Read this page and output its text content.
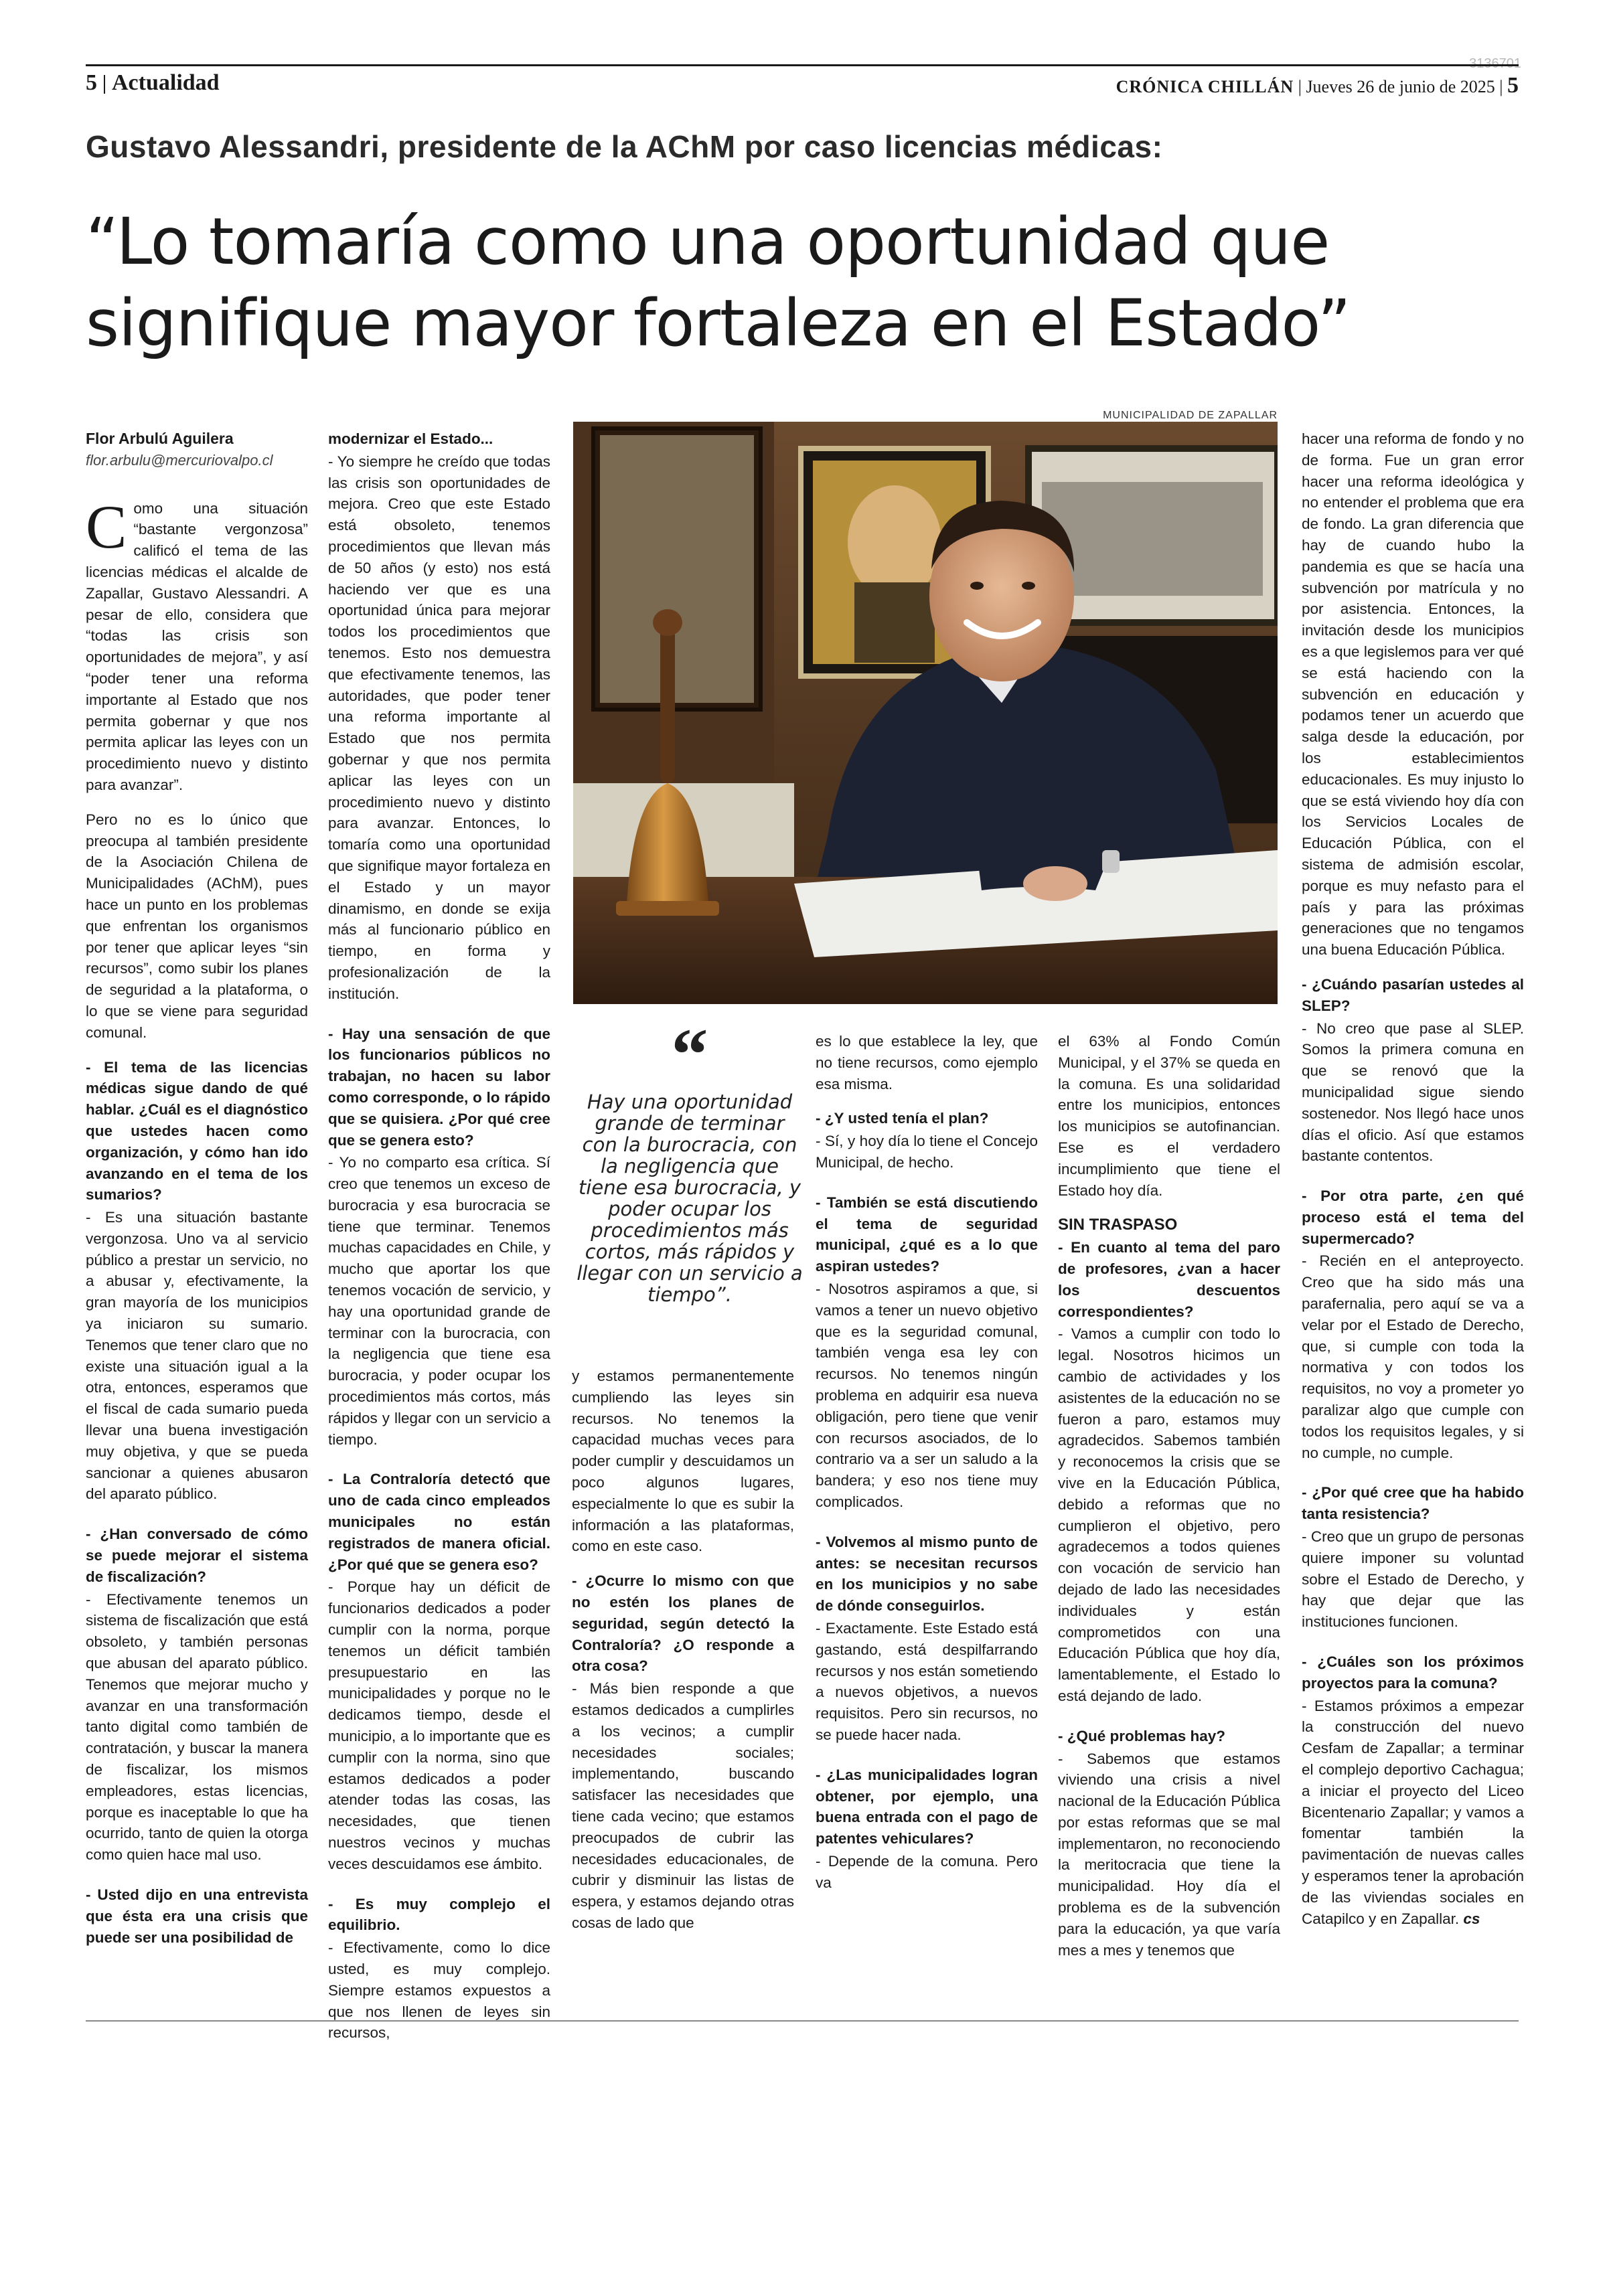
3136701
5 Actualidad	CRÓNICA CHILLÁN | Jueves 26 de junio de 2025 | 5
Gustavo Alessandri, presidente de la AChM por caso licencias médicas:
“Lo tomaría como una oportunidad que
signifique mayor fortaleza en el Estado”
Flor Arbulú Aguilera
flor.arbulu@mercuriovalpo.cl

Como una situación “bastante vergonzosa” calificó el tema de las licencias médicas el alcalde de Zapallar, Gustavo Alessandri. A pesar de ello, considera que “todas las crisis son oportunidades de mejora”, y así “poder tener una reforma importante al Estado que nos permita gobernar y que nos permita aplicar las leyes con un procedimiento nuevo y distinto para avanzar”.

Pero no es lo único que preocupa al también presidente de la Asociación Chilena de Municipalidades (AChM), pues hace un punto en los problemas que enfrentan los organismos por tener que aplicar leyes “sin recursos”, como subir los planes de seguridad a la plataforma, o lo que se viene para seguridad comunal.

- El tema de las licencias médicas sigue dando de qué hablar. ¿Cuál es el diagnóstico que ustedes hacen como organización, y cómo han ido avanzando en el tema de los sumarios?

- Es una situación bastante vergonzosa. Uno va al servicio público a prestar un servicio, no a abusar y, efectivamente, la gran mayoría de los municipios ya iniciaron su sumario. Tenemos que tener claro que no existe una situación igual a la otra, entonces, esperamos que el fiscal de cada sumario pueda llevar una buena investigación muy objetiva, y que se pueda sancionar a quienes abusaron del aparato público.

- ¿Han conversado de cómo se puede mejorar el sistema de fiscalización?

- Efectivamente tenemos un sistema de fiscalización que está obsoleto, y también personas que abusan del aparato público. Tenemos que mejorar mucho y avanzar en una transformación tanto digital como también de contratación, y buscar la manera de fiscalizar, los mismos empleadores, estas licencias, porque es inaceptable lo que ha ocurrido, tanto de quien la otorga como quien hace mal uso.

- Usted dijo en una entrevista que ésta era una crisis que puede ser una posibilidad de

modernizar el Estado...

- Yo siempre he creído que todas las crisis son oportunidades de mejora. Creo que este Estado está obsoleto, tenemos procedimientos que llevan más de 50 años (y esto) nos está haciendo ver que es una oportunidad única para mejorar todos los procedimientos que tenemos. Esto nos demuestra que efectivamente tenemos, las autoridades, que poder tener una reforma importante al Estado que nos permita gobernar y que nos permita aplicar las leyes con un procedimiento nuevo y distinto para avanzar. Entonces, lo tomaría como una oportunidad que signifique mayor fortaleza en el Estado y un mayor dinamismo, en donde se exija más al funcionario público en tiempo, en forma y profesionalización de la institución.

- Hay una sensación de que los funcionarios públicos no trabajan, no hacen su labor como corresponde, o lo rápido que se quisiera. ¿Por qué cree que se genera esto?

- Yo no comparto esa crítica. Sí creo que tenemos un exceso de burocracia y esa burocracia se tiene que terminar. Tenemos muchas capacidades en Chile, y mucho que aportar los que tenemos vocación de servicio, y hay una oportunidad grande de terminar con la burocracia, con la negligencia que tiene esa burocracia, y poder ocupar los procedimientos más cortos, más rápidos y llegar con un servicio a tiempo.

- La Contraloría detectó que uno de cada cinco empleados municipales no están registrados de manera oficial. ¿Por qué que se genera eso?

- Porque hay un déficit de funcionarios dedicados a poder cumplir con la norma, porque tenemos un déficit también presupuestario en las municipalidades y porque no le dedicamos tiempo, desde el municipio, a lo importante que es cumplir con la norma, sino que estamos dedicados a poder atender todas las cosas, las necesidades, que tienen nuestros vecinos y muchas veces descuidamos ese ámbito.

- Es muy complejo el equilibrio.

- Efectivamente, como lo dice usted, es muy complejo. Siempre estamos expuestos a que nos llenen de leyes sin recursos,

MUNICIPALIDAD DE ZAPALLAR
“
Hay una oportunidad grande de terminar con la burocracia, con la negligencia que tiene esa burocracia, y poder ocupar los procedimientos más cortos, más rápidos y llegar con un servicio a tiempo”.

y estamos permanentemente cumpliendo las leyes sin recursos. No tenemos la capacidad muchas veces para poder cumplir y descuidamos un poco algunos lugares, especialmente lo que es subir la información a las plataformas, como en este caso.

- ¿Ocurre lo mismo con que no estén los planes de seguridad, según detectó la Contraloría? ¿O responde a otra cosa?

- Más bien responde a que estamos dedicados a cumplirles a los vecinos; a cumplir necesidades sociales; implementando, buscando satisfacer las necesidades que tiene cada vecino; que estamos preocupados de cubrir las necesidades educacionales, de cubrir y disminuir las listas de espera, y estamos dejando otras cosas de lado que

es lo que establece la ley, que no tiene recursos, como ejemplo esa misma.

- ¿Y usted tenía el plan?

- Sí, y hoy día lo tiene el Concejo Municipal, de hecho.

- También se está discutiendo el tema de seguridad municipal, ¿qué es a lo que aspiran ustedes?

- Nosotros aspiramos a que, si vamos a tener un nuevo objetivo que es la seguridad comunal, también venga esa ley con recursos. No tenemos ningún problema en adquirir esa nueva obligación, pero tiene que venir con recursos asociados, de lo contrario va a ser un saludo a la bandera; y eso nos tiene muy complicados.

- Volvemos al mismo punto de antes: se necesitan recursos en los municipios y no sabe de dónde conseguirlos.

- Exactamente. Este Estado está gastando, está despilfarrando recursos y nos están sometiendo a nuevos objetivos, a nuevos requisitos. Pero sin recursos, no se puede hacer nada.

- ¿Las municipalidades logran obtener, por ejemplo, una buena entrada con el pago de patentes vehiculares?

- Depende de la comuna. Pero va

el 63% al Fondo Común Municipal, y el 37% se queda en la comuna. Es una solidaridad entre los municipios, entonces los municipios se autofinancian. Ese es el verdadero incumplimiento que tiene el Estado hoy día.

SIN TRASPASO

- En cuanto al tema del paro de profesores, ¿van a hacer los descuentos correspondientes?

- Vamos a cumplir con todo lo legal. Nosotros hicimos un cambio de actividades y los asistentes de la educación no se fueron a paro, estamos muy agradecidos. Sabemos también y reconocemos la crisis que se vive en la Educación Pública, debido a reformas que no cumplieron el objetivo, pero agradecemos a todos quienes con vocación de servicio han dejado de lado las necesidades individuales y están comprometidos con una Educación Pública que hoy día, lamentablemente, el Estado lo está dejando de lado.

- ¿Qué problemas hay?

- Sabemos que estamos viviendo una crisis a nivel nacional de la Educación Pública por estas reformas que se mal implementaron, no reconociendo la meritocracia que tiene la municipalidad. Hoy día el problema es de la subvención para la educación, ya que varía mes a mes y tenemos que

hacer una reforma de fondo y no de forma. Fue un gran error hacer una reforma ideológica y no entender el problema que era de fondo. La gran diferencia que hay de cuando hubo la pandemia es que se hacía una subvención por matrícula y no por asistencia. Entonces, la invitación desde los municipios es a que legislemos para ver qué se está haciendo con la subvención en educación y podamos tener un acuerdo que salga desde la educación, por los establecimientos educacionales. Es muy injusto lo que se está viviendo hoy día con los Servicios Locales de Educación Pública, con el sistema de admisión escolar, porque es muy nefasto para el país y para las próximas generaciones que no tengamos una buena Educación Pública.

- ¿Cuándo pasarían ustedes al SLEP?

- No creo que pase al SLEP. Somos la primera comuna en que se renovó que la municipalidad sigue siendo sostenedor. Nos llegó hace unos días el oficio. Así que estamos bastante contentos.

- Por otra parte, ¿en qué proceso está el tema del supermercado?

- Recién en el anteproyecto. Creo que ha sido más una parafernalia, pero aquí se va a velar por el Estado de Derecho, que, si cumple con toda la normativa y con todos los requisitos, no voy a prometer yo paralizar algo que cumple con todos los requisitos legales, y si no cumple, no cumple.

- ¿Por qué cree que ha habido tanta resistencia?

- Creo que un grupo de personas quiere imponer su voluntad sobre el Estado de Derecho, y hay que dejar que las instituciones funcionen.

- ¿Cuáles son los próximos proyectos para la comuna?

- Estamos próximos a empezar la construcción del nuevo Cesfam de Zapallar; a terminar el complejo deportivo Cachagua; a iniciar el proyecto del Liceo Bicentenario Zapallar; y vamos a fomentar también la pavimentación de nuevas calles y esperamos tener la aprobación de las viviendas sociales en Catapilco y en Zapallar. cs
